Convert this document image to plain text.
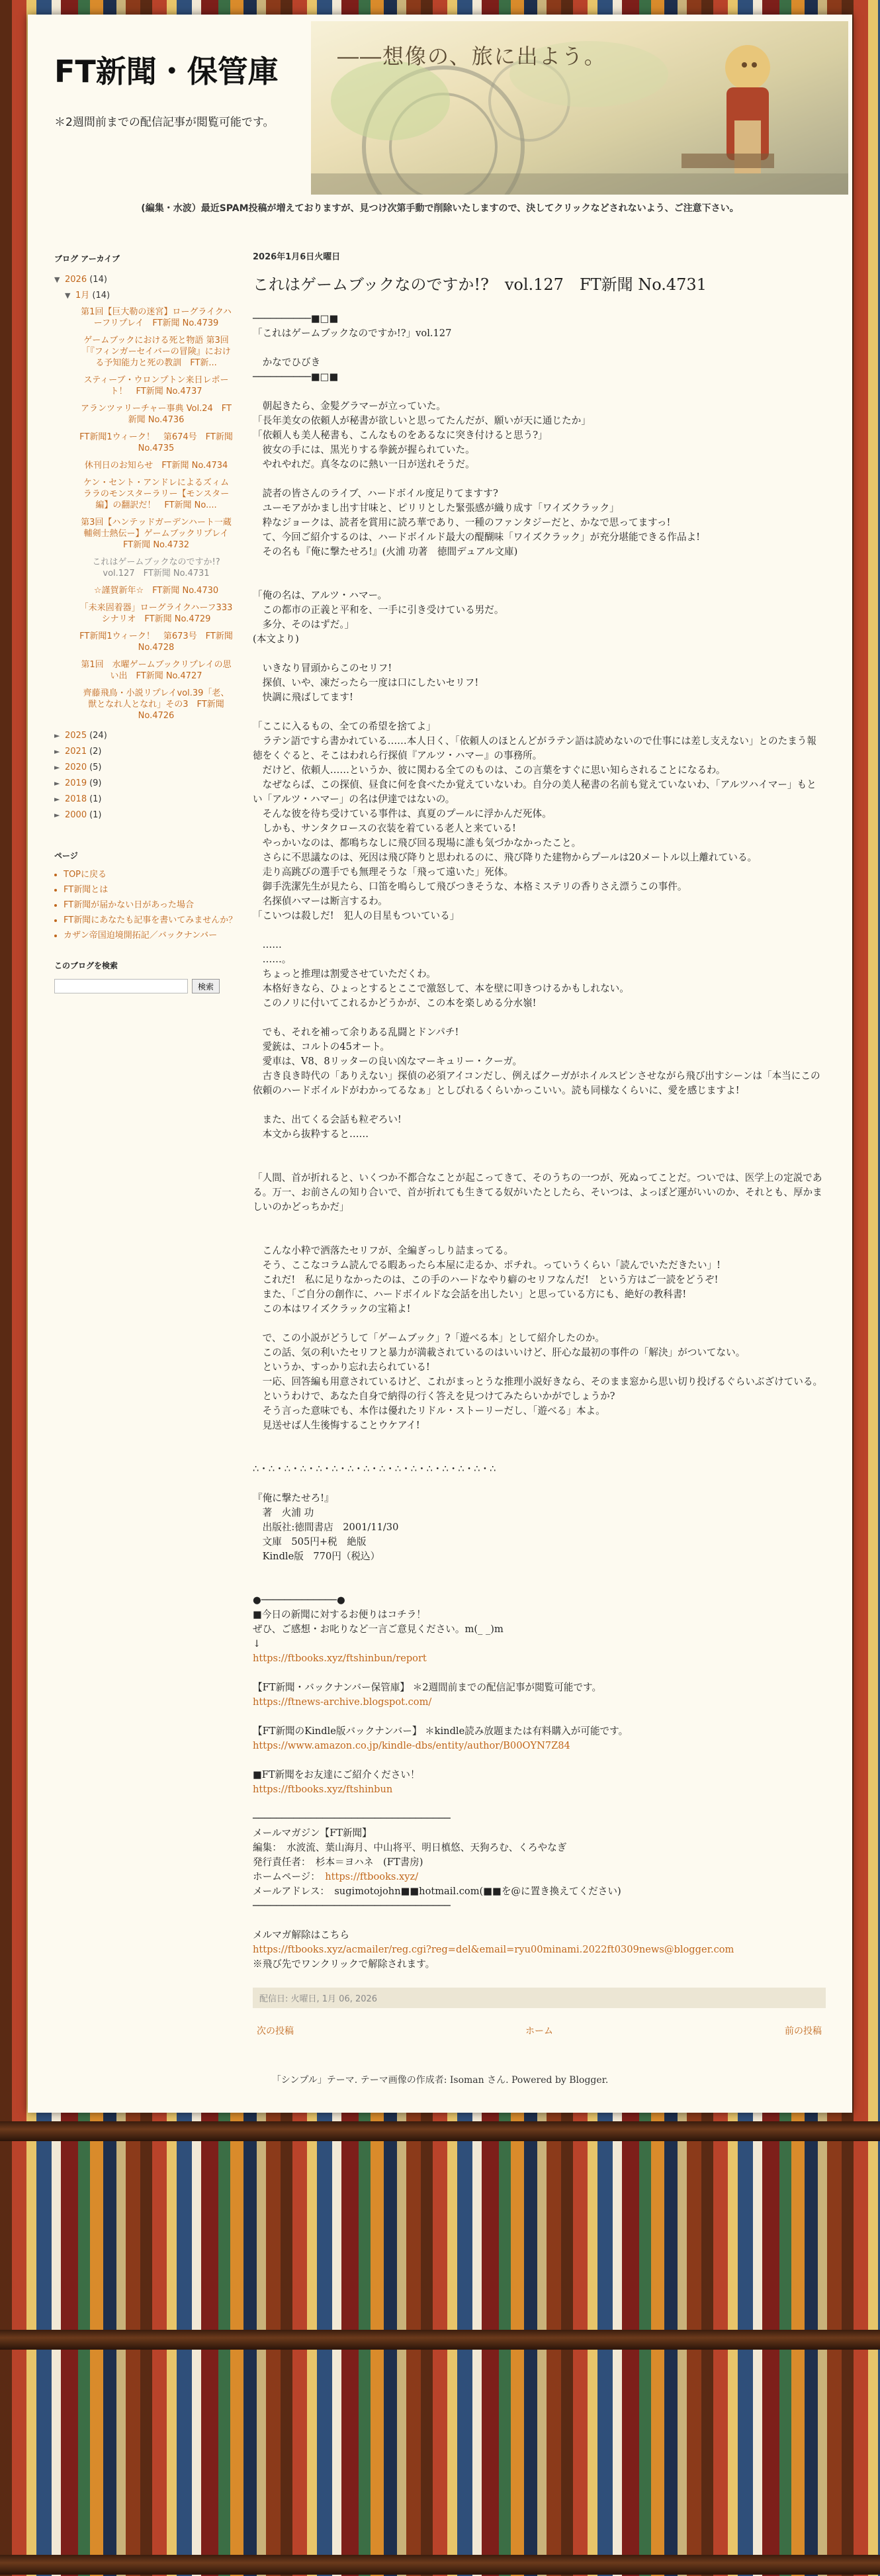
FT新聞・保管庫
＊2週間前までの配信記事が閲覧可能です。
――想像の、旅に出よう。
(編集・水波）最近SPAM投稿が増えておりますが、見つけ次第手動で削除いたしますので、決してクリックなどされないよう、ご注意下さい。
ブログ アーカイブ
▼ 2026
(14)
▼ 1月
(14)
第1回【巨大勒の迷宮】ローグライクハーフリプレイ　FT新聞 No.4739
ゲームブックにおける死と物語 第3回「『フィンガーセイバーの冒険』における予知能力と死の教訓　FT新...
スティーブ・ウロンプトン来日レポート！　FT新聞 No.4737
アランツァリーチャー事典 Vol.24　FT新聞 No.4736
FT新聞1ウィーク！　第674号　FT新聞 No.4735
休刊日のお知らせ　FT新聞 No.4734
ケン・セント・アンドレによるズィムララのモンスターラリー【モンスター編】の翻訳だ！　FT新聞 No....
第3回【ハンテッドガーデンハート一蔵輔剣士熱伝ー】ゲームブックリプレイ　FT新聞 No.4732
これはゲームブックなのですか!?　vol.127　FT新聞 No.4731
☆謹賀新年☆　FT新聞 No.4730
「未来固着器」ローグライクハーフ333シナリオ　FT新聞 No.4729
FT新聞1ウィーク！　第673号　FT新聞 No.4728
第1回　水曜ゲームブックリプレイの思い出　FT新聞 No.4727
齊藤飛鳥・小説リプレイvol.39「老、獣となれ人となれ」その3　FT新聞 No.4726
► 2025 (24)
► 2021 (2)
► 2020 (5)
► 2019 (9)
► 2018 (1)
► 2000 (1)
ページ
• TOPに戻る
• FT新聞とは
• FT新聞が届かない日があった場合
• FT新聞にあなたも記事を書いてみませんか？
• カザン帝国迫境開拓記／バックナンバー
このブログを検索
検索
2026年1月6日火曜日
これはゲームブックなのですか!?　vol.127　FT新聞 No.4731

──────────■□■

「これはゲームブックなのですか!?」vol.127

　かなでひびき

──────────■□■

　朝起きたら、金髪グラマーが立っていた。

「長年美女の依頼人が秘書が欲しいと思ってたんだが、願いが天に通じたか」

「依頼人も美人秘書も、こんなものをあるなに突き付けると思う?」

　彼女の手には、黒光りする拳銃が握られていた。

　やれやれだ。真冬なのに熱い一日が送れそうだ。

　読者の皆さんのライブ、ハードボイル度足りてますす?

　ユーモアがかまし出す甘味と、ピリリとした緊張感が織り成す「ワイズクラック」

　粋なジョークは、読者を賞用に読ろ華であり、一種のファンタジーだと、かなで思ってますっ!

　て、今回ご紹介するのは、ハードボイルド最大の醍醐味「ワイズクラック」が充分堪能できる作品よ!

　その名も『俺に撃たせろ!』(火浦 功著　徳間デュアル文庫)

「俺の名は、アルツ・ハマー。

　この都市の正義と平和を、一手に引き受けている男だ。

　多分、そのはずだ。」

(本文より)

　いきなり冒頭からこのセリフ!

　探偵、いや、凍だったら一度は口にしたいセリフ!

　快調に飛ばしてます!

「ここに入るもの、全ての希望を捨てよ」

　ラテン語ですら書かれている……本人日く、「依頼人のほとんどがラテン語は読めないので仕事には差し支えない」とのたまう報徳をくぐると、そこはわれら行探偵『アルツ・ハマー』の事務所。

　だけど、依頼人……というか、彼に関わる全てのものは、この言葉をすぐに思い知らされることになるわ。

　なぜならば、この探偵、昼食に何を食べたか覚えていないわ。自分の美人秘書の名前も覚えていないわ、「アルツハイマー」もとい「アルツ・ハマー」の名は伊達ではないの。

　そんな彼を待ち受けている事件は、真夏のプールに浮かんだ死体。

　しかも、サンタクロースの衣装を着ている老人と来ている!

　やっかいなのは、都鳴ちなしに飛び回る現場に誰も気づかなかったこと。

　さらに不思議なのは、死因は飛び降りと思われるのに、飛び降りた建物からプールは20メートル以上離れている。

　走り高跳びの選手でも無理そうな「飛って遠いた」死体。

　御手洗潔先生が見たら、口笛を鳴らして飛びつきそうな、本格ミステリの香りさえ漂うこの事件。

　名探偵ハマーは断言するわ。

「こいつは殺しだ!　犯人の目星もついている」

　……

　……。

　ちょっと推理は割愛させていただくわ。

　本格好きなら、ひょっとするとここで激怒して、本を壁に叩きつけるかもしれない。

　このノリに付いてこれるかどうかが、この本を楽しめる分水嶺!

　でも、それを補って余りある乱闘とドンパチ!

　愛銃は、コルトの45オート。

　愛車は、V8、8リッターの良い凶なマーキュリー・クーガ。

　古き良き時代の「ありえない」探偵の必須アイコンだし、例えばクーガがホイルスピンさせながら飛び出すシーンは「本当にこの依頼のハードボイルドがわかってるなぁ」としびれるくらいかっこいい。読も同様なくらいに、愛を感じますよ!

　また、出てくる会話も粒ぞろい!

　本文から抜粋すると……

「人間、首が折れると、いくつか不都合なことが起こってきて、そのうちの一つが、死ぬってことだ。ついでは、医学上の定説である。万一、お前さんの知り合いで、首が折れても生きてる奴がいたとしたら、そいつは、よっぽど運がいいのか、それとも、厚かましいのかどっちかだ」

　こんな小粋で洒落たセリフが、全編ぎっしり詰まってる。

　そう、ここなコラム読んでる暇あったら本屋に走るか、ポチれ。っていうくらい「読んでいただきたい」!

　これだ!　私に足りなかったのは、この手のハードなやり癖のセリフなんだ!　という方はご一読をどうぞ!

　また、「ご自分の創作に、ハードボイルドな会話を出したい」と思っている方にも、絶好の教科書!

　この本はワイズクラックの宝箱よ!

　で、この小説がどうして「ゲームブック」?「遊べる本」として紹介したのか。

　この話、気の利いたセリフと暴力が満載されているのはいいけど、肝心な最初の事件の「解決」がついてない。

　というか、すっかり忘れ去られている!

　一応、回答編も用意されているけど、これがまっとうな推理小説好きなら、そのまま窓から思い切り投げるぐらいぶざけている。

　というわけで、あなた自身で納得の行く答えを見つけてみたらいかがでしょうか?

　そう言った意味でも、本作は優れたリドル・ストーリーだし、「遊べる」本よ。

　見送せば人生後悔することウケアイ!

∴・∴・∴・∴・∴・∴・∴・∴・∴・∴・∴・∴・∴・∴・∴・∴

『俺に撃たせろ!』

　著　火浦 功

　出版社:徳間書店　2001/11/30

　文庫　505円+税　絶版

　Kindle版　770円（税込）

●─────────────●

■今日の新聞に対するお便りはコチラ！

ぜひ、ご感想・お叱りなど一言ご意見ください。m(_ _)m

↓

https://ftbooks.xyz/ftshinbun/report

【FT新聞・バックナンバー保管庫】 ＊2週間前までの配信記事が閲覧可能です。

https://ftnews-archive.blogspot.com/

【FT新聞のKindle版バックナンバー】 ＊kindle読み放題または有料購入が可能です。

https://www.amazon.co.jp/kindle-dbs/entity/author/B00OYN7Z84

■FT新聞をお友達にご紹介ください！

https://ftbooks.xyz/ftshinbun

──────────────────────────────────

メールマガジン【FT新聞】

編集：　水波流、葉山海月、中山将平、明日槙悠、天狗ろむ、くろやなぎ

発行責任者：　杉本＝ヨハネ　(FT書房)

ホームページ：　 https://ftbooks.xyz/

メールアドレス：　sugimotojohn■■hotmail.com(■■を@に置き換えてください)

──────────────────────────────────

メルマガ解除はこちら

https://ftbooks.xyz/acmailer/reg.cgi?reg=del&email=ryu00minami.2022ft0309news@blogger.com

※飛び先でワンクリックで解除されます。

配信日: 火曜日, 1月 06, 2026
次の投稿	ホーム	前の投稿
「シンプル」テーマ. テーマ画像の作成者: Isoman さん. Powered by Blogger.
